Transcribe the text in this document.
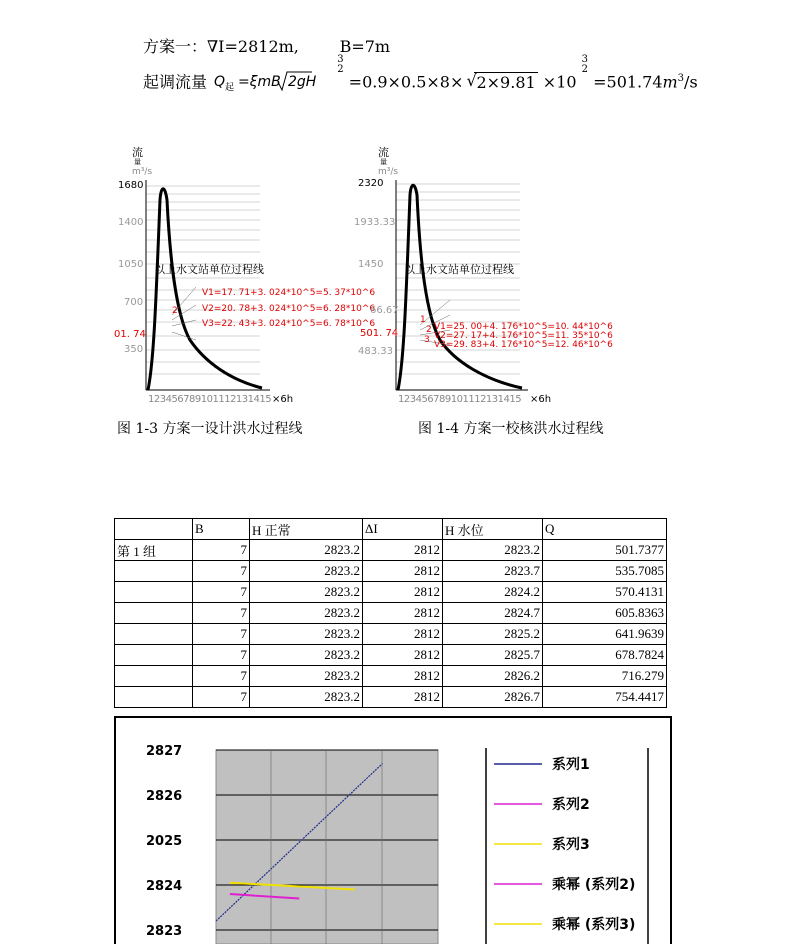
方案一：∇I=2812m,        B=7m
起调流量 Q 起 =ξmB 2gH
3
2 =0.9×0.5×8× √ 2×9.81 ×10 3
$2 =501.74m^3/s$
流
量
m³/s
1680
1400
1050
700
01. 74
350
2
以上水文站单位过程线
V1=17. 71+3. 024*10^5=5. 37*10^6
V2=20. 78+3. 024*10^5=6. 28*10^6
V3=22. 43+3. 024*10^5=6. 78*10^6
123456789101112131415 ×6h
图 1-3 方案一设计洪水过程线
流
量
m³/s
2320
1933.33
1450
66.67
501. 74
483.33
1
2
3
以上水文站单位过程线
V1=25. 00+4. 176*10^5=10. 44*10^6
V2=27. 17+4. 176*10^5=11. 35*10^6
V3=29. 83+4. 176*10^5=12. 46*10^6
123456789101112131415 ×6h
图 1-4 方案一校核洪水过程线
	B	H 正常	ΔI	H 水位	Q
第 1 组	7	2823.2	2812	2823.2	501.7377
	7	2823.2	2812	2823.7	535.7085
	7	2823.2	2812	2824.2	570.4131
	7	2823.2	2812	2824.7	605.8363
	7	2823.2	2812	2825.2	641.9639
	7	2823.2	2812	2825.7	678.7824
	7	2823.2	2812	2826.2	716.279
	7	2823.2	2812	2826.7	754.4417
2827
2826
2025
2824
2823
系列1
系列2
系列3
乘幂 (系列2)
乘幂 (系列3)
